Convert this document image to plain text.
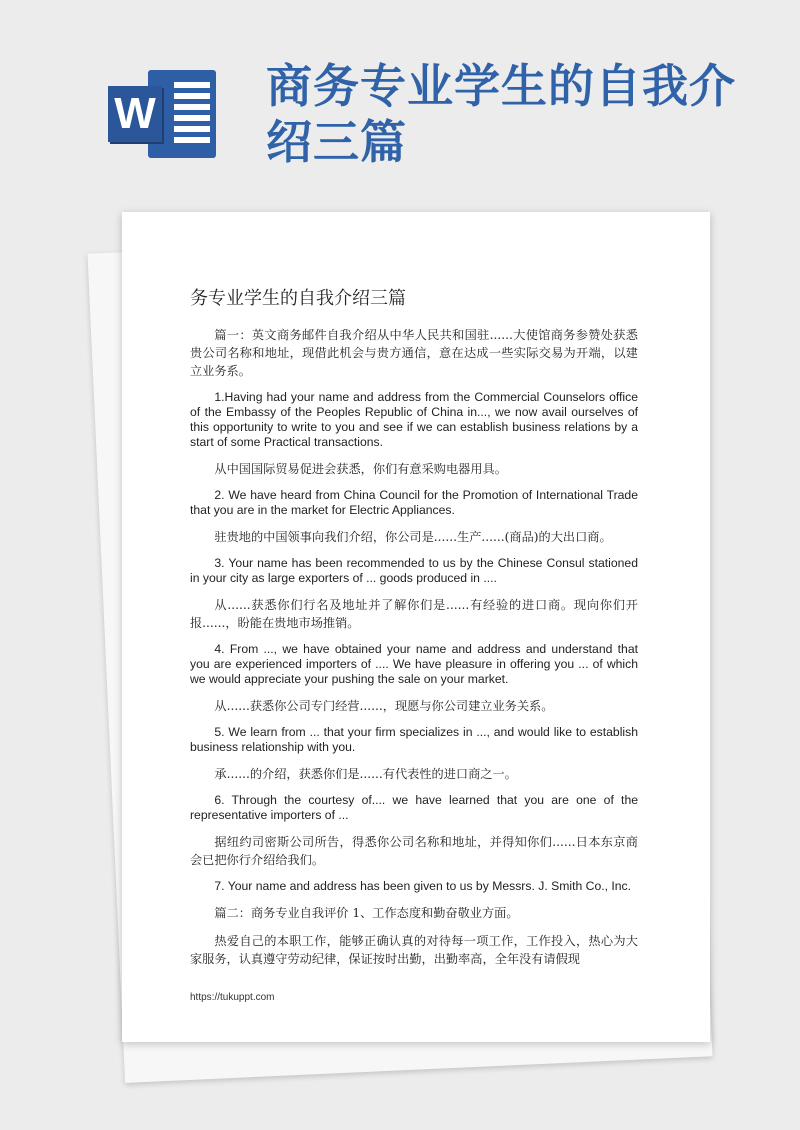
W
商务专业学生的自我介绍三篇
务专业学生的自我介绍三篇

篇一：英文商务邮件自我介绍从中华人民共和国驻......大使馆商务参赞处获悉贵公司名称和地址，现借此机会与贵方通信，意在达成一些实际交易为开端，以建立业务系。

1.Having had your name and address from the Commercial Counselors office of the Embassy of the Peoples Republic of China in..., we now avail ourselves of this opportunity to write to you and see if we can establish business relations by a start of some Practical transactions.

从中国国际贸易促进会获悉，你们有意采购电器用具。

2. We have heard from China Council for the Promotion of International Trade that you are in the market for Electric Appliances.

驻贵地的中国领事向我们介绍，你公司是......生产......(商品)的大出口商。

3. Your name has been recommended to us by the Chinese Consul stationed in your city as large exporters of ... goods produced in ....

从......获悉你们行名及地址并了解你们是......有经验的进口商。现向你们开报......，盼能在贵地市场推销。

4. From ..., we have obtained your name and address and understand that you are experienced importers of .... We have pleasure in offering you ... of which we would appreciate your pushing the sale on your market.

从......获悉你公司专门经营......，现愿与你公司建立业务关系。

5. We learn from ... that your firm specializes in ..., and would like to establish business relationship with you.

承......的介绍，获悉你们是......有代表性的进口商之一。

6. Through the courtesy of.... we have learned that you are one of the representative importers of ...

据纽约司密斯公司所告，得悉你公司名称和地址，并得知你们......日本东京商会已把你行介绍给我们。

7. Your name and address has been given to us by Messrs. J. Smith Co., Inc.

篇二：商务专业自我评价 1、工作态度和勤奋敬业方面。

热爱自己的本职工作，能够正确认真的对待每一项工作，工作投入，热心为大家服务，认真遵守劳动纪律，保证按时出勤，出勤率高，全年没有请假现

https://tukuppt.com
